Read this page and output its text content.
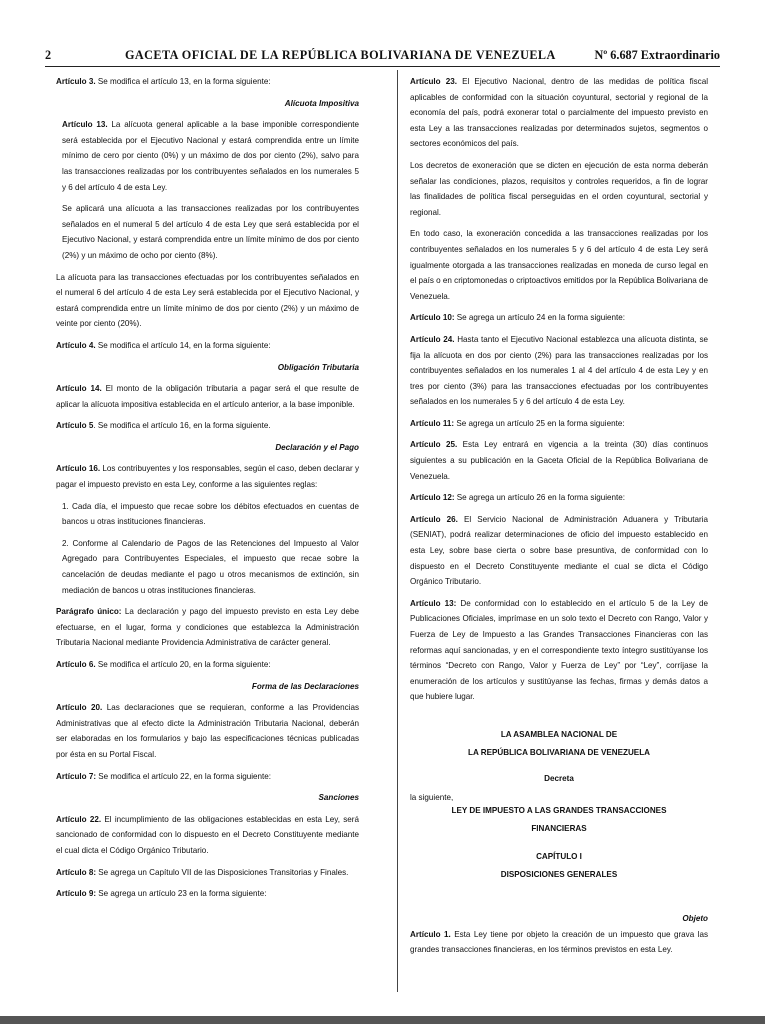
2	GACETA OFICIAL DE LA REPÚBLICA BOLIVARIANA DE VENEZUELA	Nº 6.687 Extraordinario

Artículo 3. Se modifica el artículo 13, en la forma siguiente:

Alícuota Impositiva

Artículo 13. La alícuota general aplicable a la base imponible correspondiente será establecida por el Ejecutivo Nacional y estará comprendida entre un límite mínimo de cero por ciento (0%) y un máximo de dos por ciento (2%), salvo para las transacciones realizadas por los contribuyentes señalados en los numerales 5 y 6 del artículo 4 de esta Ley.

Se aplicará una alícuota a las transacciones realizadas por los contribuyentes señalados en el numeral 5 del artículo 4 de esta Ley que será establecida por el Ejecutivo Nacional, y estará comprendida entre un límite mínimo de dos por ciento (2%) y un máximo de ocho por ciento (8%).

La alícuota para las transacciones efectuadas por los contribuyentes señalados en el numeral 6 del artículo 4 de esta Ley será establecida por el Ejecutivo Nacional, y estará comprendida entre un límite mínimo de dos por ciento (2%) y un máximo de veinte por ciento (20%).

Artículo 4. Se modifica el artículo 14, en la forma siguiente:

Obligación Tributaria

Artículo 14. El monto de la obligación tributaria a pagar será el que resulte de aplicar la alícuota impositiva establecida en el artículo anterior, a la base imponible.

Artículo 5. Se modifica el artículo 16, en la forma siguiente.

Declaración y el Pago

Artículo 16. Los contribuyentes y los responsables, según el caso, deben declarar y pagar el impuesto previsto en esta Ley, conforme a las siguientes reglas:

1. Cada día, el impuesto que recae sobre los débitos efectuados en cuentas de bancos u otras instituciones financieras.

2. Conforme al Calendario de Pagos de las Retenciones del Impuesto al Valor Agregado para Contribuyentes Especiales, el impuesto que recae sobre la cancelación de deudas mediante el pago u otros mecanismos de extinción, sin mediación de bancos u otras instituciones financieras.

Parágrafo único: La declaración y pago del impuesto previsto en esta Ley debe efectuarse, en el lugar, forma y condiciones que establezca la Administración Tributaria Nacional mediante Providencia Administrativa de carácter general.

Artículo 6. Se modifica el artículo 20, en la forma siguiente:

Forma de las Declaraciones

Artículo 20. Las declaraciones que se requieran, conforme a las Providencias Administrativas que al efecto dicte la Administración Tributaria Nacional, deberán ser elaboradas en los formularios y bajo las especificaciones técnicas publicadas por ésta en su Portal Fiscal.

Artículo 7: Se modifica el artículo 22, en la forma siguiente:

Sanciones

Artículo 22. El incumplimiento de las obligaciones establecidas en esta Ley, será sancionado de conformidad con lo dispuesto en el Decreto Constituyente mediante el cual dicta el Código Orgánico Tributario.

Artículo 8: Se agrega un Capítulo VII de las Disposiciones Transitorias y Finales.

Artículo 9: Se agrega un artículo 23 en la forma siguiente:

Artículo 23. El Ejecutivo Nacional, dentro de las medidas de política fiscal aplicables de conformidad con la situación coyuntural, sectorial y regional de la economía del país, podrá exonerar total o parcialmente del impuesto previsto en esta Ley a las transacciones realizadas por determinados sujetos, segmentos o sectores económicos del país.

Los decretos de exoneración que se dicten en ejecución de esta norma deberán señalar las condiciones, plazos, requisitos y controles requeridos, a fin de lograr las finalidades de política fiscal perseguidas en el orden coyuntural, sectorial y regional.

En todo caso, la exoneración concedida a las transacciones realizadas por los contribuyentes señalados en los numerales 5 y 6 del artículo 4 de esta Ley será igualmente otorgada a las transacciones realizadas en moneda de curso legal en el país o en criptomonedas o criptoactivos emitidos por la República Bolivariana de Venezuela.

Artículo 10: Se agrega un artículo 24 en la forma siguiente:

Artículo 24. Hasta tanto el Ejecutivo Nacional establezca una alícuota distinta, se fija la alícuota en dos por ciento (2%) para las transacciones realizadas por los contribuyentes señalados en los numerales 1 al 4 del artículo 4 de esta Ley y en tres por ciento (3%) para las transacciones efectuadas por los contribuyentes señalados en los numerales 5 y 6 del artículo 4 de esta Ley.

Artículo 11: Se agrega un artículo 25 en la forma siguiente:

Artículo 25. Esta Ley entrará en vigencia a la treinta (30) días continuos siguientes a su publicación en la Gaceta Oficial de la República Bolivariana de Venezuela.

Artículo 12: Se agrega un artículo 26 en la forma siguiente:

Artículo 26. El Servicio Nacional de Administración Aduanera y Tributaria (SENIAT), podrá realizar determinaciones de oficio del impuesto establecido en esta Ley, sobre base cierta o sobre base presuntiva, de conformidad con lo dispuesto en el Decreto Constituyente mediante el cual se dicta el Código Orgánico Tributario.

Artículo 13: De conformidad con lo establecido en el artículo 5 de la Ley de Publicaciones Oficiales, imprímase en un solo texto el Decreto con Rango, Valor y Fuerza de Ley de Impuesto a las Grandes Transacciones Financieras con las reformas aquí sancionadas, y en el correspondiente texto íntegro sustitúyanse los términos “Decreto con Rango, Valor y Fuerza de Ley” por “Ley”, corríjase la enumeración de los artículos y sustitúyanse las fechas, firmas y demás datos a que hubiere lugar.

LA ASAMBLEA NACIONAL DE

LA REPÚBLICA BOLIVARIANA DE VENEZUELA

Decreta

la siguiente,

LEY DE IMPUESTO A LAS GRANDES TRANSACCIONES

FINANCIERAS

CAPÍTULO I

DISPOSICIONES GENERALES

Objeto

Artículo 1. Esta Ley tiene por objeto la creación de un impuesto que grava las grandes transacciones financieras, en los términos previstos en esta Ley.
